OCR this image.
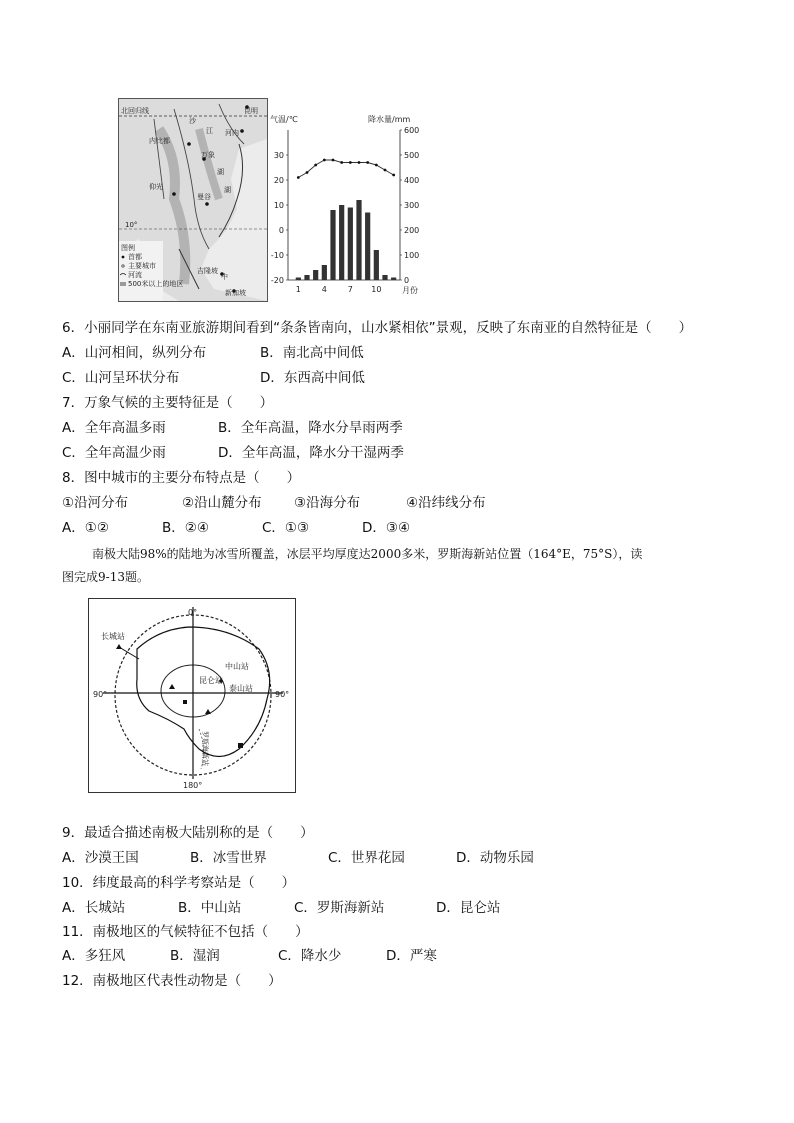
北回归线	昆明
沙
江 河内
内比都
万象
湖
仰光	湖
曼谷
10°
吉隆坡
中
新加坡
图例
首都
主要城市
河流
500米以上的地区
气温/℃	降水量/mm
30
20
10
0
-10
-20
600
500
400
300
200
100
0
1	4	7 10	月份
6．小丽同学在东南亚旅游期间看到“条条皆南向，山水紧相依”景观，反映了东南亚的自然特征是（　　）
A．山河相间，纵列分布	B．南北高中间低
C．山河呈环状分布	D．东西高中间低
7．万象气候的主要特征是（　　）
A．全年高温多雨	B．全年高温，降水分旱雨两季
C．全年高温少雨	D．全年高温，降水分干湿两季
8．图中城市的主要分布特点是（　　）
①沿河分布	②沿山麓分布 ③沿海分布	④沿纬线分布
A．①②	B．②④	C．①③	D．③④
南极大陆98%的陆地为冰雪所覆盖，冰层平均厚度达2000多米，罗斯海新站位置（164°E，75°S），读
图完成9-13题。
0°
180°
90°	90°
长城站
中山站
昆仑站
泰山站
罗斯海新站
9．最适合描述南极大陆别称的是（　　）
A．沙漠王国	B．冰雪世界	C．世界花园	D．动物乐园
10．纬度最高的科学考察站是（　　）
A．长城站	B．中山站	C．罗斯海新站	D．昆仑站
11．南极地区的气候特征不包括（　　）
A．多狂风	B．湿润	C．降水少	D．严寒
12．南极地区代表性动物是（　　）
